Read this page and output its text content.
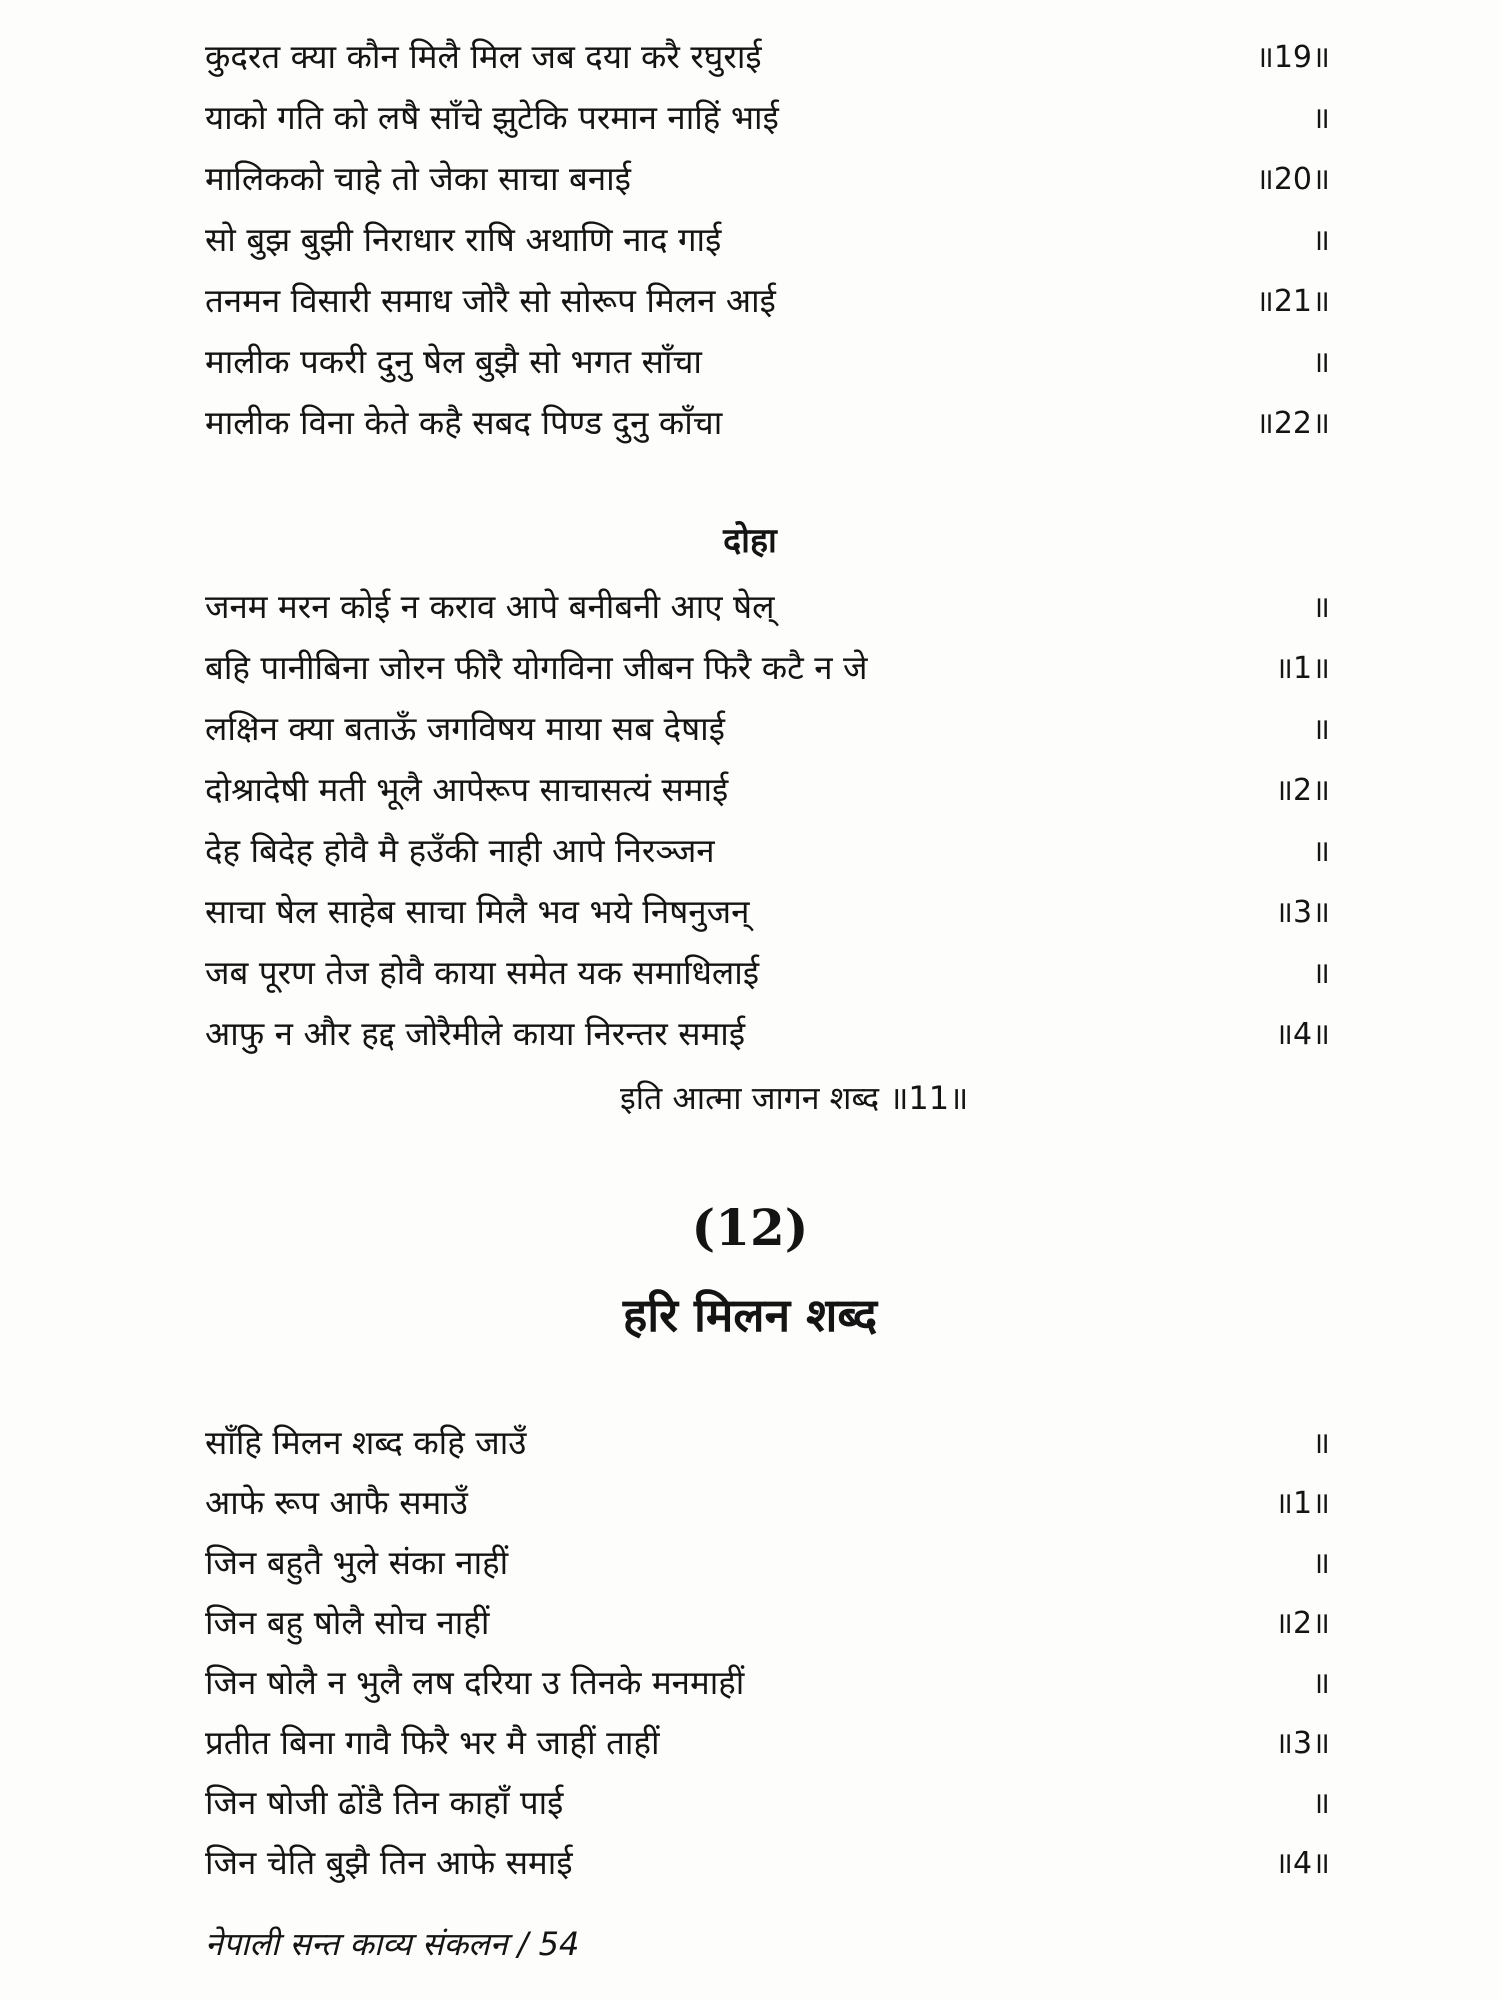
कुदरत क्या कौन मिलै मिल जब दया करै रघुराई	॥19॥
याको गति को लषै साँचे झुटेकि परमान नाहिं भाई	॥
मालिकको चाहे तो जेका साचा बनाई	॥20॥
सो बुझ बुझी निराधार राषि अथाणि नाद गाई	॥
तनमन विसारी समाध जोरै सो सोरूप मिलन आई	॥21॥
मालीक पकरी दुनु षेल बुझै सो भगत साँचा	॥
मालीक विना केते कहै सबद पिण्ड दुनु काँचा	॥22॥
दोहा
जनम मरन कोई न कराव आपे बनीबनी आए षेल्	॥
बहि पानीबिना जोरन फीरै योगविना जीबन फिरै कटै न जे	॥1॥
लक्षिन क्या बताऊँ जगविषय माया सब देषाई	॥
दोश्रादेषी मती भूलै आपेरूप साचासत्यं समाई	॥2॥
देह बिदेह होवै मै हउँकी नाही आपे निरञ्जन	॥
साचा षेल साहेब साचा मिलै भव भये निषनुजन्	॥3॥
जब पूरण तेज होवै काया समेत यक समाधिलाई	॥
आफु न और हद्द जोरैमीले काया निरन्तर समाई	॥4॥
इति आत्मा जागन शब्द ॥11॥
(12)
हरि मिलन शब्द
साँहि मिलन शब्द कहि जाउँ	॥
आफे रूप आफै समाउँ	॥1॥
जिन बहुतै भुले संका नाहीं	॥
जिन बहु षोलै सोच नाहीं	॥2॥
जिन षोलै न भुलै लष दरिया उ तिनके मनमाहीं	॥
प्रतीत बिना गावै फिरै भर मै जाहीं ताहीं	॥3॥
जिन षोजी ढोंडै तिन काहाँ पाई	॥
जिन चेति बुझै तिन आफे समाई	॥4॥
नेपाली सन्त काव्य संकलन / 54
